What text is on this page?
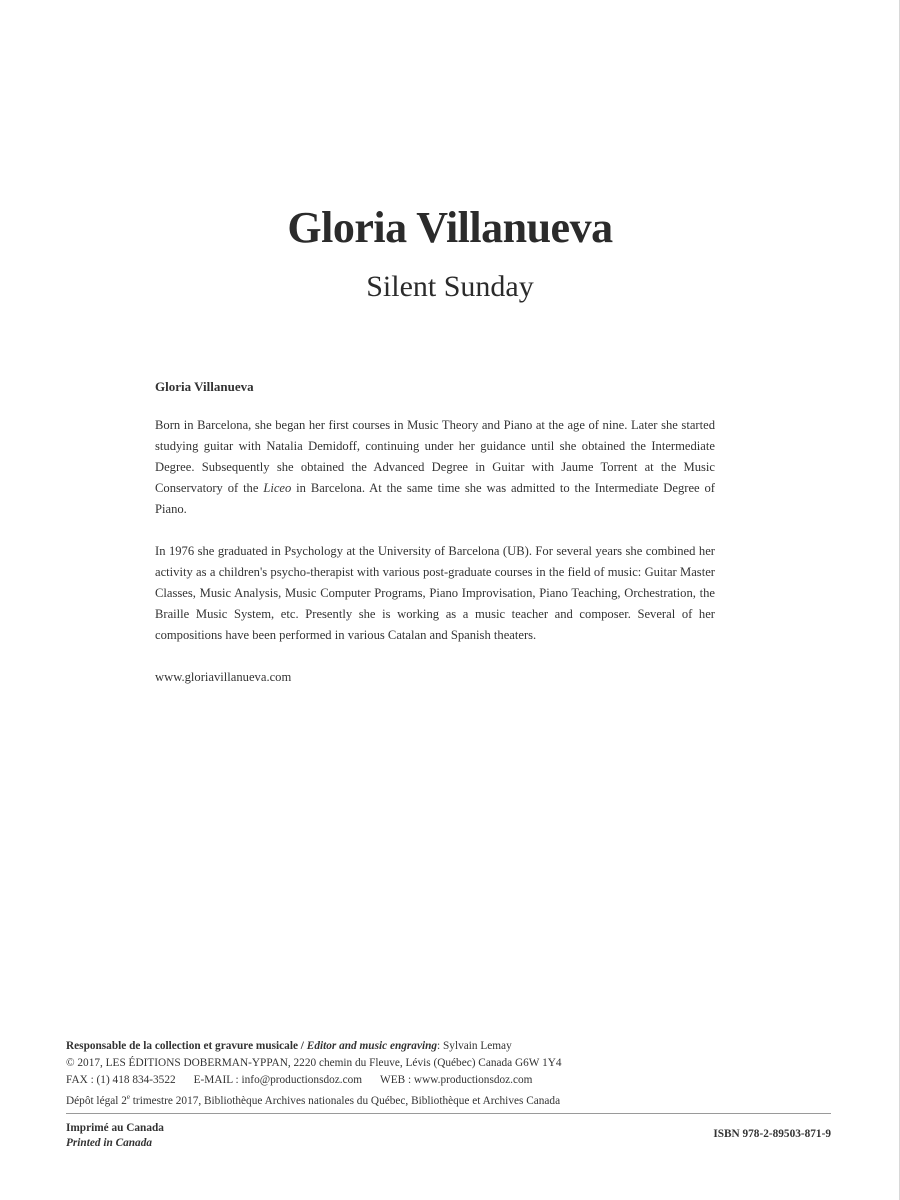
Gloria Villanueva
Silent Sunday
Gloria Villanueva

Born in Barcelona, she began her first courses in Music Theory and Piano at the age of nine. Later she started studying guitar with Natalia Demidoff, continuing under her guidance until she obtained the Intermediate Degree. Subsequently she obtained the Advanced Degree in Guitar with Jaume Torrent at the Music Conservatory of the Liceo in Barcelona. At the same time she was admitted to the Intermediate Degree of Piano.

In 1976 she graduated in Psychology at the University of Barcelona (UB). For several years she combined her activity as a children's psycho-therapist with various post-graduate courses in the field of music: Guitar Master Classes, Music Analysis, Music Computer Programs, Piano Improvisation, Piano Teaching, Orchestration, the Braille Music System, etc. Presently she is working as a music teacher and composer. Several of her compositions have been performed in various Catalan and Spanish theaters.

www.gloriavillanueva.com

Responsable de la collection et gravure musicale / Editor and music engraving: Sylvain Lemay
© 2017, LES ÉDITIONS DOBERMAN-YPPAN, 2220 chemin du Fleuve, Lévis (Québec) Canada G6W 1Y4
FAX : (1) 418 834-3522 E-MAIL : info@productionsdoz.com WEB : www.productionsdoz.com
Dépôt légal 2e trimestre 2017, Bibliothèque Archives nationales du Québec, Bibliothèque et Archives Canada
Imprimé au Canada
Printed in Canada
ISBN 978-2-89503-871-9
